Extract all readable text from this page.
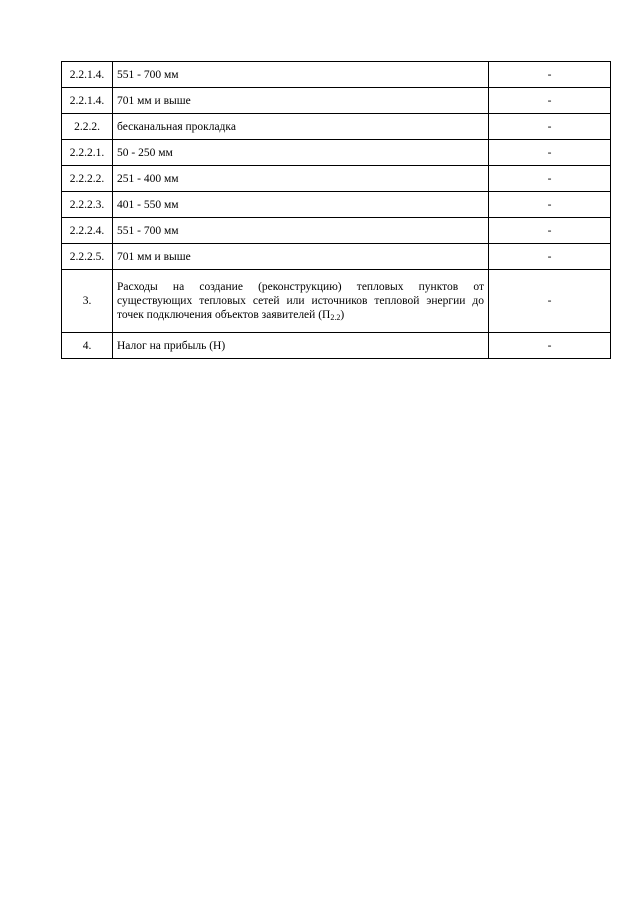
2.2.1.4.	551 - 700 мм	-
2.2.1.4.	701 мм и выше	-
2.2.2.	бесканальная прокладка	-
2.2.2.1.	50 - 250 мм	-
2.2.2.2.	251 - 400 мм	-
2.2.2.3.	401 - 550 мм	-
2.2.2.4.	551 - 700 мм	-
2.2.2.5.	701 мм и выше	-
3.	Расходы на создание (реконструкцию) тепловых пунктов от существующих тепловых сетей или источников тепловой энергии до точек подключения объектов заявителей $(П_{2.2})$	-
4.	Налог на прибыль (Н)	-
